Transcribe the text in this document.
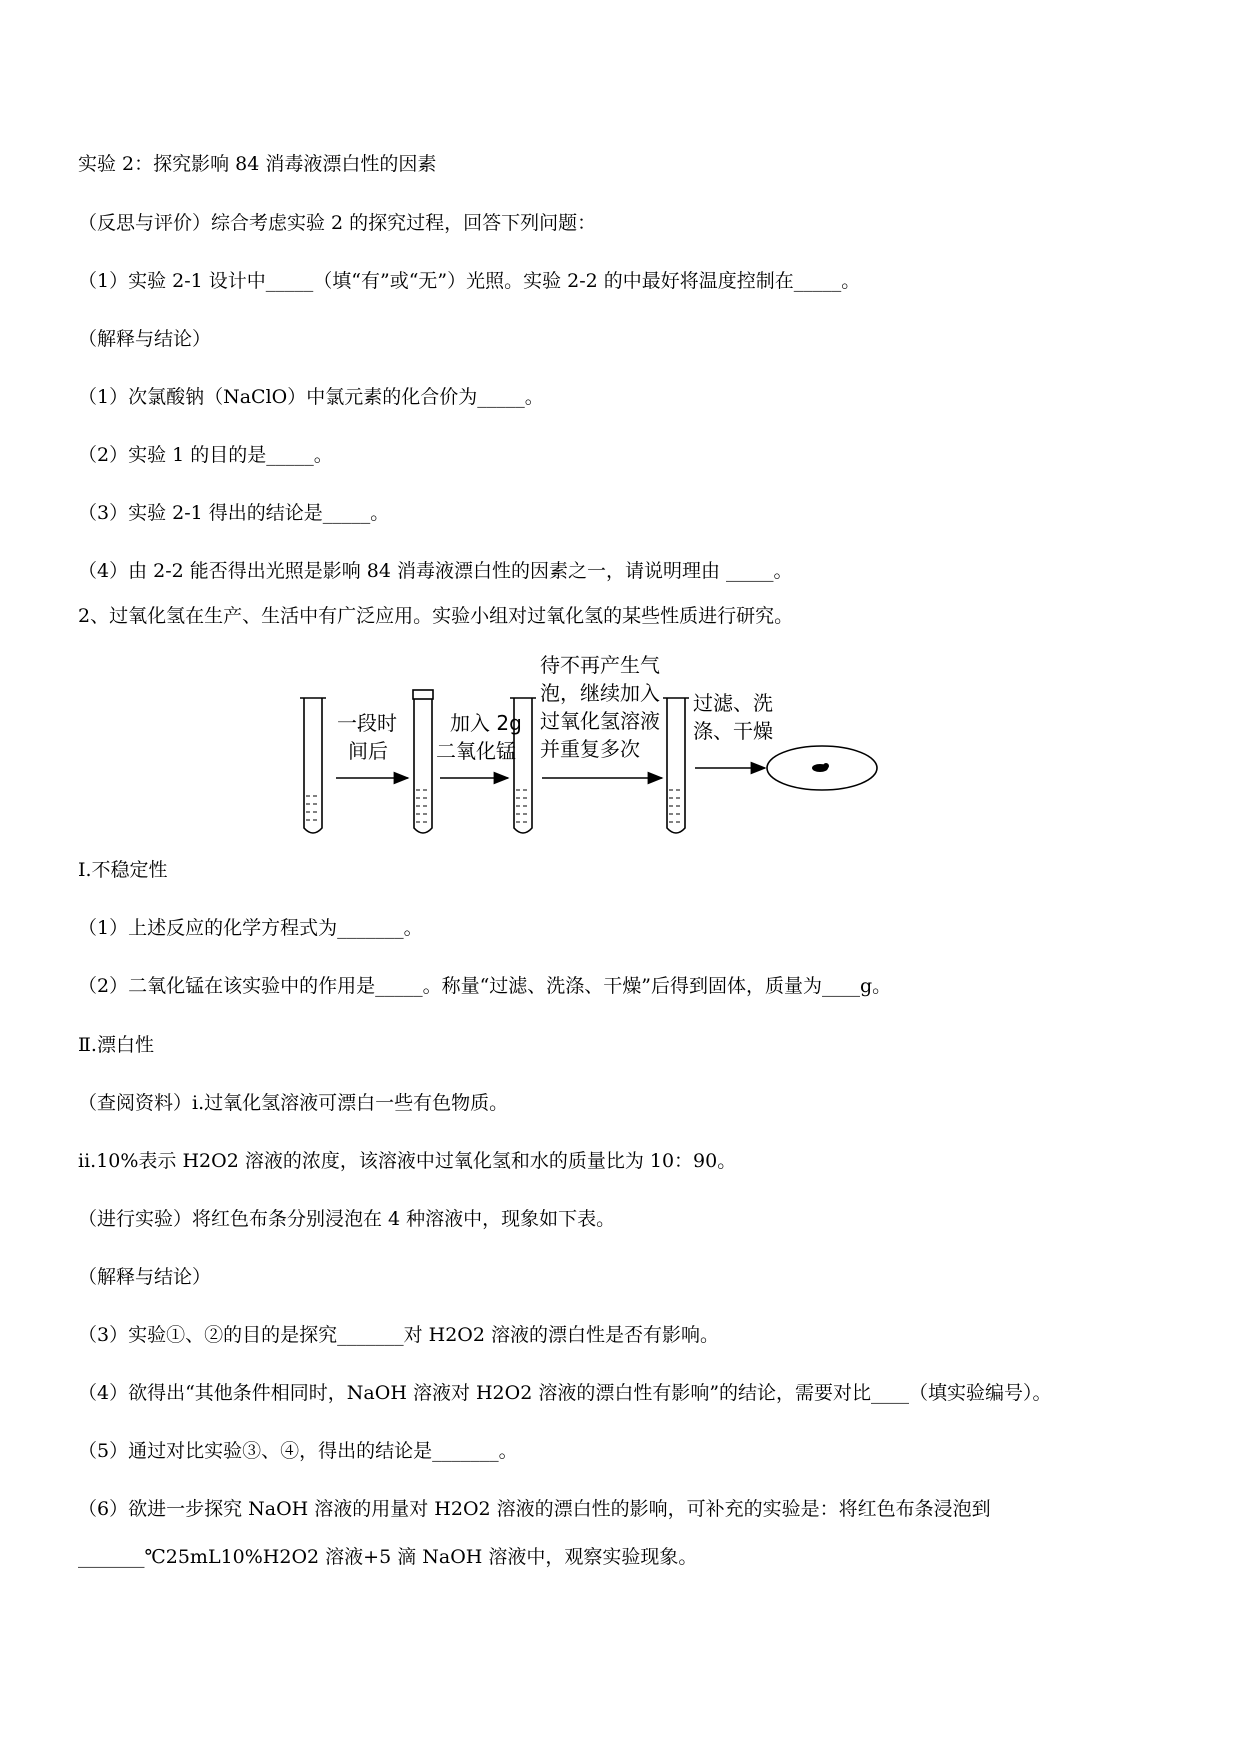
实验 2：探究影响 84 消毒液漂白性的因素
（反思与评价）综合考虑实验 2 的探究过程，回答下列问题：
（1）实验 2-1 设计中_____（填“有”或“无”）光照。实验 2-2 的中最好将温度控制在_____。
（解释与结论）
（1）次氯酸钠（NaClO）中氯元素的化合价为_____。
（2）实验 1 的目的是_____。
（3）实验 2-1 得出的结论是_____。
（4）由 2-2 能否得出光照是影响 84 消毒液漂白性的因素之一，请说明理由 _____。
2、过氧化氢在生产、生活中有广泛应用。实验小组对过氧化氢的某些性质进行研究。
一段时
间后
加入 2g
二氧化锰
待不再产生气
泡，继续加入
过氧化氢溶液
并重复多次
过滤、洗
涤、干燥
I.不稳定性
（1）上述反应的化学方程式为_______。
（2）二氧化锰在该实验中的作用是_____。称量“过滤、洗涤、干燥”后得到固体，质量为____g。
Ⅱ.漂白性
（查阅资料）i.过氧化氢溶液可漂白一些有色物质。
ii.10%表示 H2O2 溶液的浓度，该溶液中过氧化氢和水的质量比为 10：90。
（进行实验）将红色布条分别浸泡在 4 种溶液中，现象如下表。
（解释与结论）
（3）实验①、②的目的是探究_______对 H2O2 溶液的漂白性是否有影响。
（4）欲得出“其他条件相同时，NaOH 溶液对 H2O2 溶液的漂白性有影响”的结论，需要对比____（填实验编号）。
（5）通过对比实验③、④，得出的结论是_______。
（6）欲进一步探究 NaOH 溶液的用量对 H2O2 溶液的漂白性的影响，可补充的实验是：将红色布条浸泡到
_______℃25mL10%H2O2 溶液+5 滴 NaOH 溶液中，观察实验现象。
